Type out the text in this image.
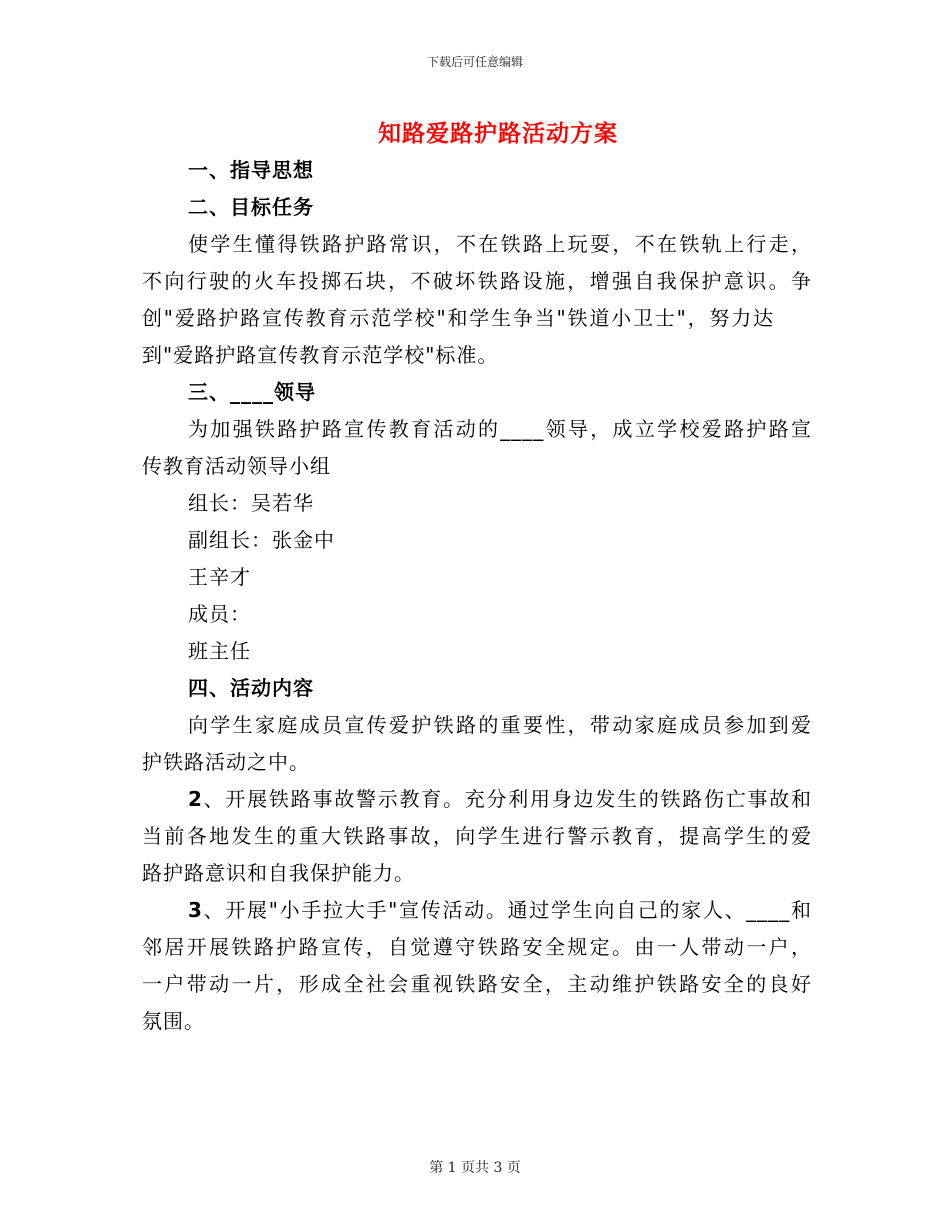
下载后可任意编辑
知路爱路护路活动方案
一、指导思想
二、目标任务
使学生懂得铁路护路常识，不在铁路上玩耍，不在铁轨上行走，
不向行驶的火车投掷石块，不破坏铁路设施，增强自我保护意识。争
创"爱路护路宣传教育示范学校"和学生争当"铁道小卫士"，努力达
到"爱路护路宣传教育示范学校"标准。
三、____领导
为加强铁路护路宣传教育活动的____领导，成立学校爱路护路宣
传教育活动领导小组
组长：吴若华
副组长：张金中
王辛才
成员：
班主任
四、活动内容
向学生家庭成员宣传爱护铁路的重要性，带动家庭成员参加到爱
护铁路活动之中。
2、开展铁路事故警示教育。充分利用身边发生的铁路伤亡事故和
当前各地发生的重大铁路事故，向学生进行警示教育，提高学生的爱
路护路意识和自我保护能力。
3、开展"小手拉大手"宣传活动。通过学生向自己的家人、____和
邻居开展铁路护路宣传，自觉遵守铁路安全规定。由一人带动一户，
一户带动一片，形成全社会重视铁路安全，主动维护铁路安全的良好
氛围。
第 1 页共 3 页
